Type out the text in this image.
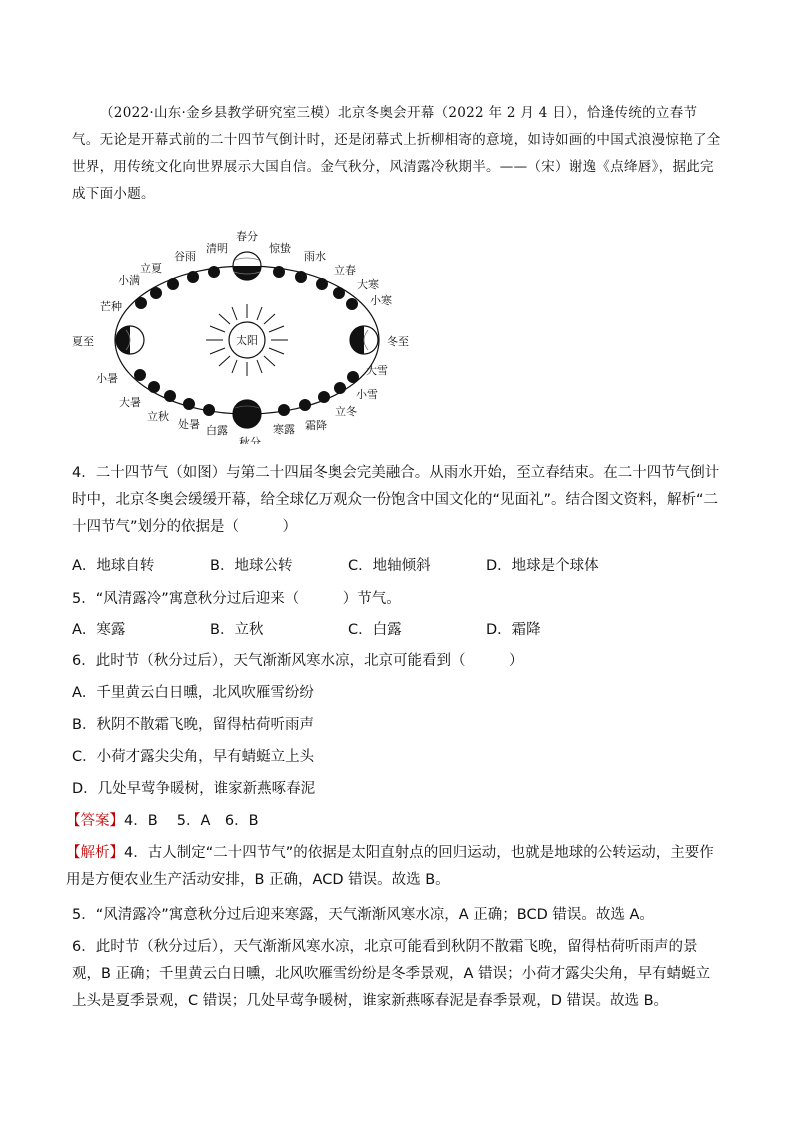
（2022·山东·金乡县教学研究室三模）北京冬奥会开幕（2022 年 2 月 4 日），恰逢传统的立春节气。无论是开幕式前的二十四节气倒计时，还是闭幕式上折柳相寄的意境，如诗如画的中国式浪漫惊艳了全世界，用传统文化向世界展示大国自信。金气秋分，风清露冷秋期半。——（宋）谢逸《点绛唇》，据此完成下面小题。

太阳
春分
惊蛰
雨水
立春
大寒
小寒
冬至
大雪
小雪
立冬
霜降
寒露
秋分
白露
处暑
立秋
大暑
小暑
夏至
芒种
小满
立夏
谷雨
清明

4．二十四节气（如图）与第二十四届冬奥会完美融合。从雨水开始，至立春结束。在二十四节气倒计时中，北京冬奥会缓缓开幕，给全球亿万观众一份饱含中国文化的“见面礼”。结合图文资料，解析“二十四节气”划分的依据是（　　　）

A．地球自转	B．地球公转	C．地轴倾斜	D．地球是个球体

5．“风清露冷”寓意秋分过后迎来（　　　）节气。

A．寒露	B．立秋	C．白露	D．霜降

6．此时节（秋分过后），天气渐渐风寒水凉，北京可能看到（　　　）

A．千里黄云白日曛，北风吹雁雪纷纷

B．秋阴不散霜飞晚，留得枯荷听雨声

C．小荷才露尖尖角，早有蜻蜓立上头

D．几处早莺争暖树，谁家新燕啄春泥

【答案】4．B　 5．A　6．B

【解析】4．古人制定“二十四节气”的依据是太阳直射点的回归运动，也就是地球的公转运动，主要作用是方便农业生产活动安排，B 正确，ACD 错误。故选 B。

5．“风清露冷”寓意秋分过后迎来寒露，天气渐渐风寒水凉，A 正确；BCD 错误。故选 A。

6．此时节（秋分过后），天气渐渐风寒水凉，北京可能看到秋阴不散霜飞晚，留得枯荷听雨声的景观，B 正确；千里黄云白日曛，北风吹雁雪纷纷是冬季景观，A 错误；小荷才露尖尖角，早有蜻蜓立上头是夏季景观，C 错误；几处早莺争暖树，谁家新燕啄春泥是春季景观，D 错误。故选 B。
